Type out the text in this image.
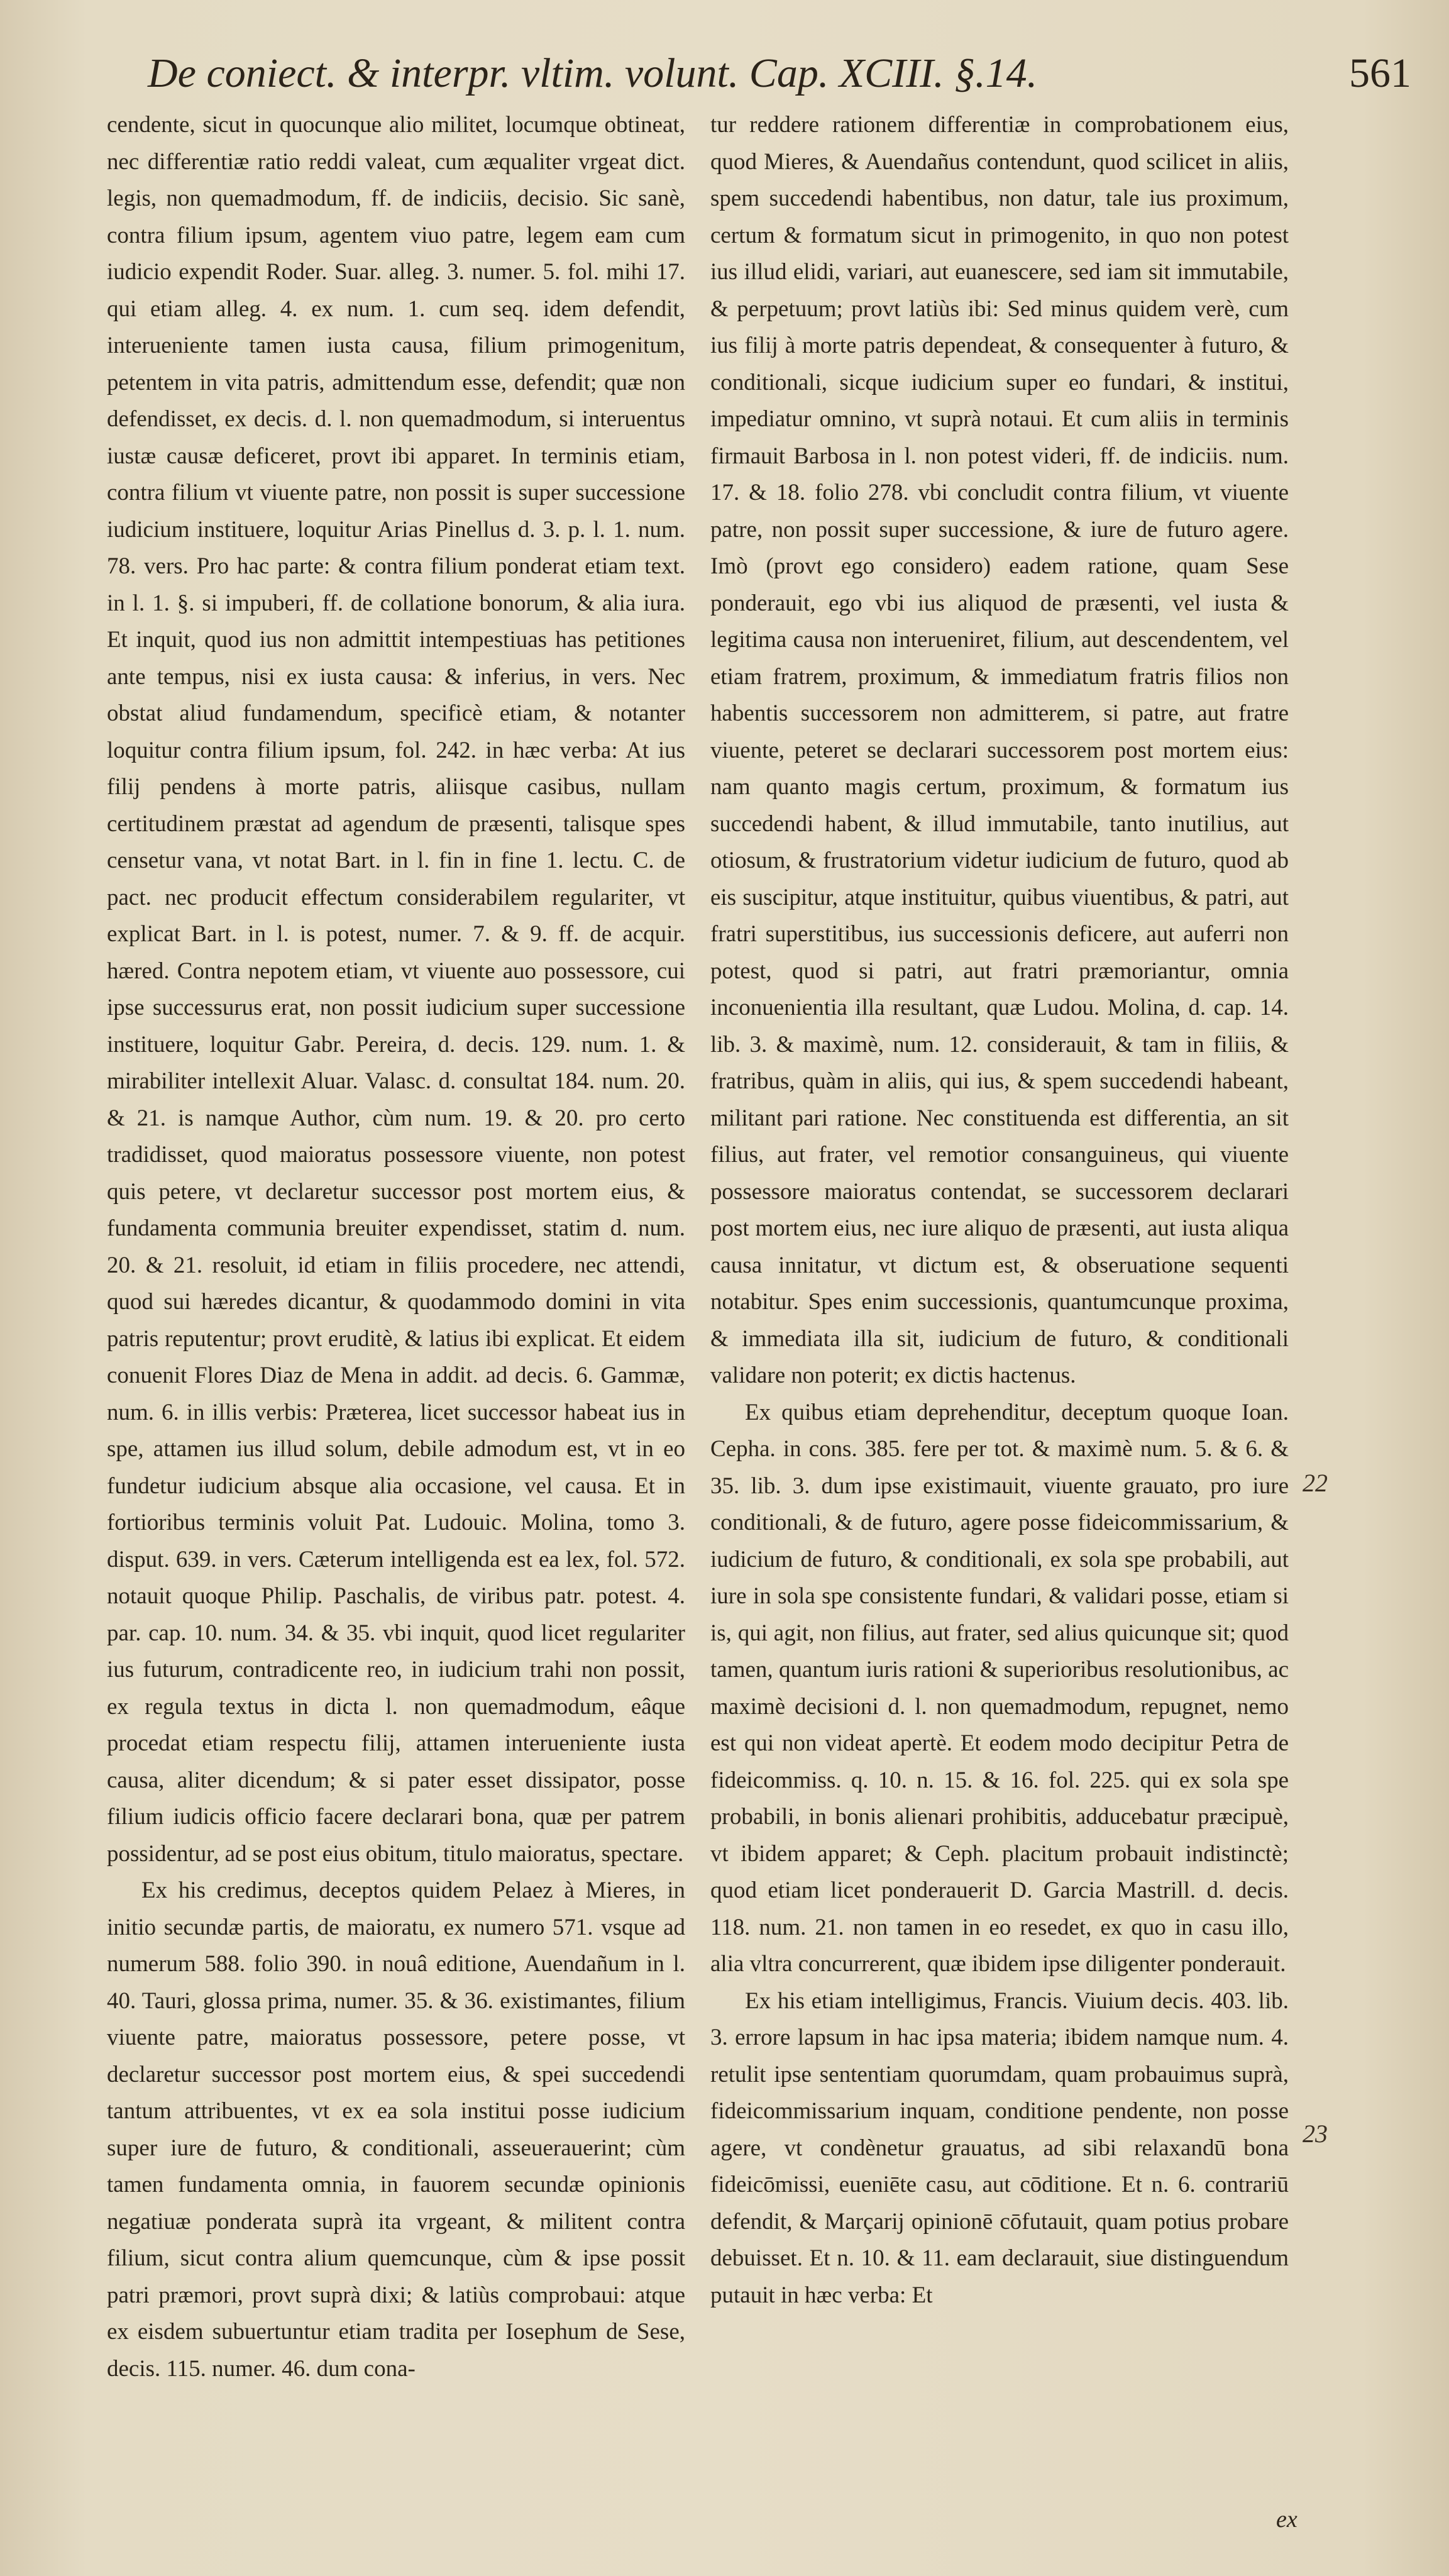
De coniect. & interpr. vltim. volunt. Cap. XCIII. §.14.	561

cendente, sicut in quocunque alio militet, locumque obtineat, nec differentiæ ratio reddi valeat, cum æqualiter vrgeat dict. legis, non quemadmodum, ff. de indiciis, decisio. Sic sanè, contra filium ipsum, agentem viuo patre, legem eam cum iudicio expendit Roder. Suar. alleg. 3. numer. 5. fol. mihi 17. qui etiam alleg. 4. ex num. 1. cum seq. idem defendit, interueniente tamen iusta causa, filium primogenitum, petentem in vita patris, admittendum esse, defendit; quæ non defendisset, ex decis. d. l. non quemadmodum, si interuentus iustæ causæ deficeret, provt ibi apparet. In terminis etiam, contra filium vt viuente patre, non possit is super successione iudicium instituere, loquitur Arias Pinellus d. 3. p. l. 1. num. 78. vers. Pro hac parte: & contra filium ponderat etiam text. in l. 1. §. si impuberi, ff. de collatione bonorum, & alia iura. Et inquit, quod ius non admittit intempestiuas has petitiones ante tempus, nisi ex iusta causa: & inferius, in vers. Nec obstat aliud fundamendum, specificè etiam, & notanter loquitur contra filium ipsum, fol. 242. in hæc verba: At ius filij pendens à morte patris, aliisque casibus, nullam certitudinem præstat ad agendum de præsenti, talisque spes censetur vana, vt notat Bart. in l. fin in fine 1. lectu. C. de pact. nec producit effectum considerabilem regulariter, vt explicat Bart. in l. is potest, numer. 7. & 9. ff. de acquir. hæred. Contra nepotem etiam, vt viuente auo possessore, cui ipse successurus erat, non possit iudicium super successione instituere, loquitur Gabr. Pereira, d. decis. 129. num. 1. & mirabiliter intellexit Aluar. Valasc. d. consultat 184. num. 20. & 21. is namque Author, cùm num. 19. & 20. pro certo tradidisset, quod maioratus possessore viuente, non potest quis petere, vt declaretur successor post mortem eius, & fundamenta communia breuiter expendisset, statim d. num. 20. & 21. resoluit, id etiam in filiis procedere, nec attendi, quod sui hæredes dicantur, & quodammodo domini in vita patris reputentur; provt eruditè, & latius ibi explicat. Et eidem conuenit Flores Diaz de Mena in addit. ad decis. 6. Gammæ, num. 6. in illis verbis: Præterea, licet successor habeat ius in spe, attamen ius illud solum, debile admodum est, vt in eo fundetur iudicium absque alia occasione, vel causa. Et in fortioribus terminis voluit Pat. Ludouic. Molina, tomo 3. disput. 639. in vers. Cæterum intelligenda est ea lex, fol. 572. notauit quoque Philip. Paschalis, de viribus patr. potest. 4. par. cap. 10. num. 34. & 35. vbi inquit, quod licet regulariter ius futurum, contradicente reo, in iudicium trahi non possit, ex regula textus in dicta l. non quemadmodum, eâque procedat etiam respectu filij, attamen interueniente iusta causa, aliter dicendum; & si pater esset dissipator, posse filium iudicis officio facere declarari bona, quæ per patrem possidentur, ad se post eius obitum, titulo maioratus, spectare.

Ex his credimus, deceptos quidem Pelaez à Mieres, in initio secundæ partis, de maioratu, ex numero 571. vsque ad numerum 588. folio 390. in nouâ editione, Auendañum in l. 40. Tauri, glossa prima, numer. 35. & 36. existimantes, filium viuente patre, maioratus possessore, petere posse, vt declaretur successor post mortem eius, & spei succedendi tantum attribuentes, vt ex ea sola institui posse iudicium super iure de futuro, & conditionali, asseuerauerint; cùm tamen fundamenta omnia, in fauorem secundæ opinionis negatiuæ ponderata suprà ita vrgeant, & militent contra filium, sicut contra alium quemcunque, cùm & ipse possit patri præmori, provt suprà dixi; & latiùs comprobaui: atque ex eisdem subuertuntur etiam tradita per Iosephum de Sese, decis. 115. numer. 46. dum cona-

tur reddere rationem differentiæ in comprobationem eius, quod Mieres, & Auendañus contendunt, quod scilicet in aliis, spem succedendi habentibus, non datur, tale ius proximum, certum & formatum sicut in primogenito, in quo non potest ius illud elidi, variari, aut euanescere, sed iam sit immutabile, & perpetuum; provt latiùs ibi: Sed minus quidem verè, cum ius filij à morte patris dependeat, & consequenter à futuro, & conditionali, sicque iudicium super eo fundari, & institui, impediatur omnino, vt suprà notaui. Et cum aliis in terminis firmauit Barbosa in l. non potest videri, ff. de indiciis. num. 17. & 18. folio 278. vbi concludit contra filium, vt viuente patre, non possit super successione, & iure de futuro agere. Imò (provt ego considero) eadem ratione, quam Sese ponderauit, ego vbi ius aliquod de præsenti, vel iusta & legitima causa non interueniret, filium, aut descendentem, vel etiam fratrem, proximum, & immediatum fratris filios non habentis successorem non admitterem, si patre, aut fratre viuente, peteret se declarari successorem post mortem eius: nam quanto magis certum, proximum, & formatum ius succedendi habent, & illud immutabile, tanto inutilius, aut otiosum, & frustratorium videtur iudicium de futuro, quod ab eis suscipitur, atque instituitur, quibus viuentibus, & patri, aut fratri superstitibus, ius successionis deficere, aut auferri non potest, quod si patri, aut fratri præmoriantur, omnia inconuenientia illa resultant, quæ Ludou. Molina, d. cap. 14. lib. 3. & maximè, num. 12. considerauit, & tam in filiis, & fratribus, quàm in aliis, qui ius, & spem succedendi habeant, militant pari ratione. Nec constituenda est differentia, an sit filius, aut frater, vel remotior consanguineus, qui viuente possessore maioratus contendat, se successorem declarari post mortem eius, nec iure aliquo de præsenti, aut iusta aliqua causa innitatur, vt dictum est, & obseruatione sequenti notabitur. Spes enim successionis, quantumcunque proxima, & immediata illa sit, iudicium de futuro, & conditionali validare non poterit; ex dictis hactenus.

Ex quibus etiam deprehenditur, deceptum quoque Ioan. Cepha. in cons. 385. fere per tot. & maximè num. 5. & 6. & 35. lib. 3. dum ipse existimauit, viuente grauato, pro iure conditionali, & de futuro, agere posse fideicommissarium, & iudicium de futuro, & conditionali, ex sola spe probabili, aut iure in sola spe consistente fundari, & validari posse, etiam si is, qui agit, non filius, aut frater, sed alius quicunque sit; quod tamen, quantum iuris rationi & superioribus resolutionibus, ac maximè decisioni d. l. non quemadmodum, repugnet, nemo est qui non videat apertè. Et eodem modo decipitur Petra de fideicommiss. q. 10. n. 15. & 16. fol. 225. qui ex sola spe probabili, in bonis alienari prohibitis, adducebatur præcipuè, vt ibidem apparet; & Ceph. placitum probauit indistinctè; quod etiam licet ponderauerit D. Garcia Mastrill. d. decis. 118. num. 21. non tamen in eo resedet, ex quo in casu illo, alia vltra concurrerent, quæ ibidem ipse diligenter ponderauit.

Ex his etiam intelligimus, Francis. Viuium decis. 403. lib. 3. errore lapsum in hac ipsa materia; ibidem namque num. 4. retulit ipse sententiam quorumdam, quam probauimus suprà, fideicommissarium inquam, conditione pendente, non posse agere, vt condènetur grauatus, ad sibi relaxandū bona fideicōmissi, eueniēte casu, aut cōditione. Et n. 6. contrariū defendit, & Marçarij opinionē cōfutauit, quam potius probare debuisset. Et n. 10. & 11. eam declarauit, siue distinguendum putauit in hæc verba: Et

22
23
ex
